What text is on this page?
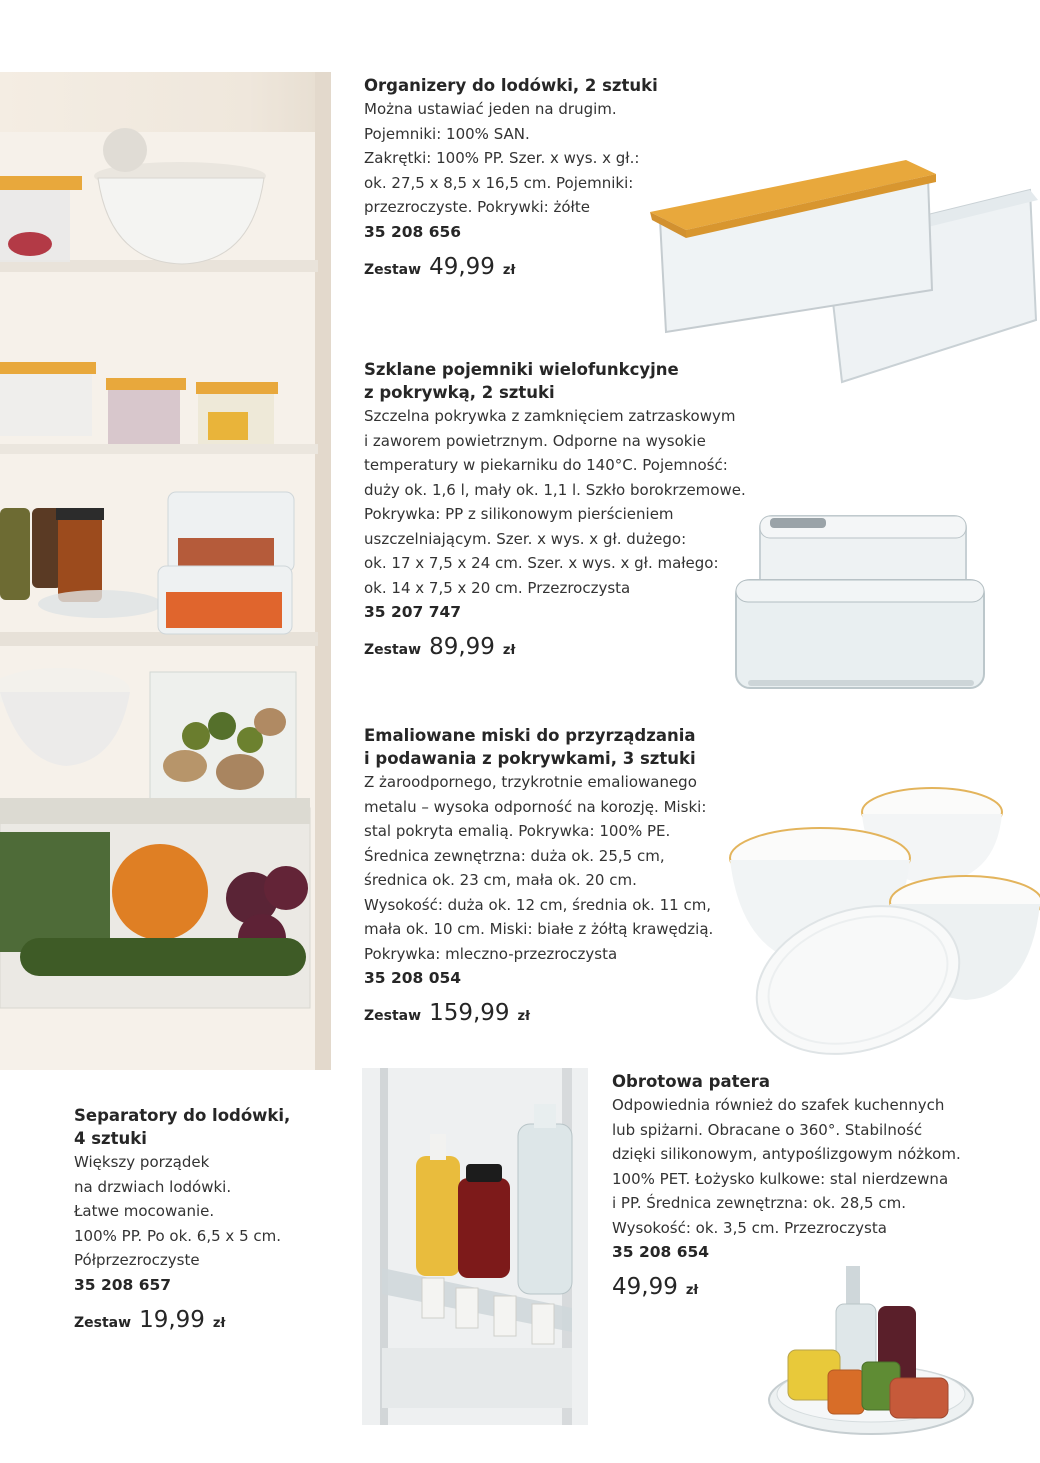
Organizery do lodówki, 2 sztuki
Można ustawiać jeden na drugim.
Pojemniki: 100% SAN.
Zakrętki: 100% PP. Szer. x wys. x gł.:
ok. 27,5 x 8,5 x 16,5 cm. Pojemniki:
przezroczyste. Pokrywki: żółte
35 208 656
Zestaw 49,99 zł
Szklane pojemniki wielofunkcyjne
z pokrywką, 2 sztuki
Szczelna pokrywka z zamknięciem zatrzaskowym
i zaworem powietrznym. Odporne na wysokie
temperatury w piekarniku do 140°C. Pojemność:
duży ok. 1,6 l, mały ok. 1,1 l. Szkło borokrzemowe.
Pokrywka: PP z silikonowym pierścieniem
uszczelniającym. Szer. x wys. x gł. dużego:
ok. 17 x 7,5 x 24 cm. Szer. x wys. x gł. małego:
ok. 14 x 7,5 x 20 cm. Przezroczysta
35 207 747
Zestaw 89,99 zł
Emaliowane miski do przyrządzania
i podawania z pokrywkami, 3 sztuki
Z żaroodpornego, trzykrotnie emaliowanego
metalu – wysoka odporność na korozję. Miski:
stal pokryta emalią. Pokrywka: 100% PE.
Średnica zewnętrzna: duża ok. 25,5 cm,
średnica ok. 23 cm, mała ok. 20 cm.
Wysokość: duża ok. 12 cm, średnia ok. 11 cm,
mała ok. 10 cm. Miski: białe z żółtą krawędzią.
Pokrywka: mleczno-przezroczysta
35 208 054
Zestaw 159,99 zł
Obrotowa patera
Odpowiednia również do szafek kuchennych
lub spiżarni. Obracane o 360°. Stabilność
dzięki silikonowym, antypoślizgowym nóżkom.
100% PET. Łożysko kulkowe: stal nierdzewna
i PP. Średnica zewnętrzna: ok. 28,5 cm.
Wysokość: ok. 3,5 cm. Przezroczysta
35 208 654
49,99 zł
Separatory do lodówki,
4 sztuki
Większy porządek
na drzwiach lodówki.
Łatwe mocowanie.
100% PP. Po ok. 6,5 x 5 cm.
Półprzezroczyste
35 208 657
Zestaw 19,99 zł
